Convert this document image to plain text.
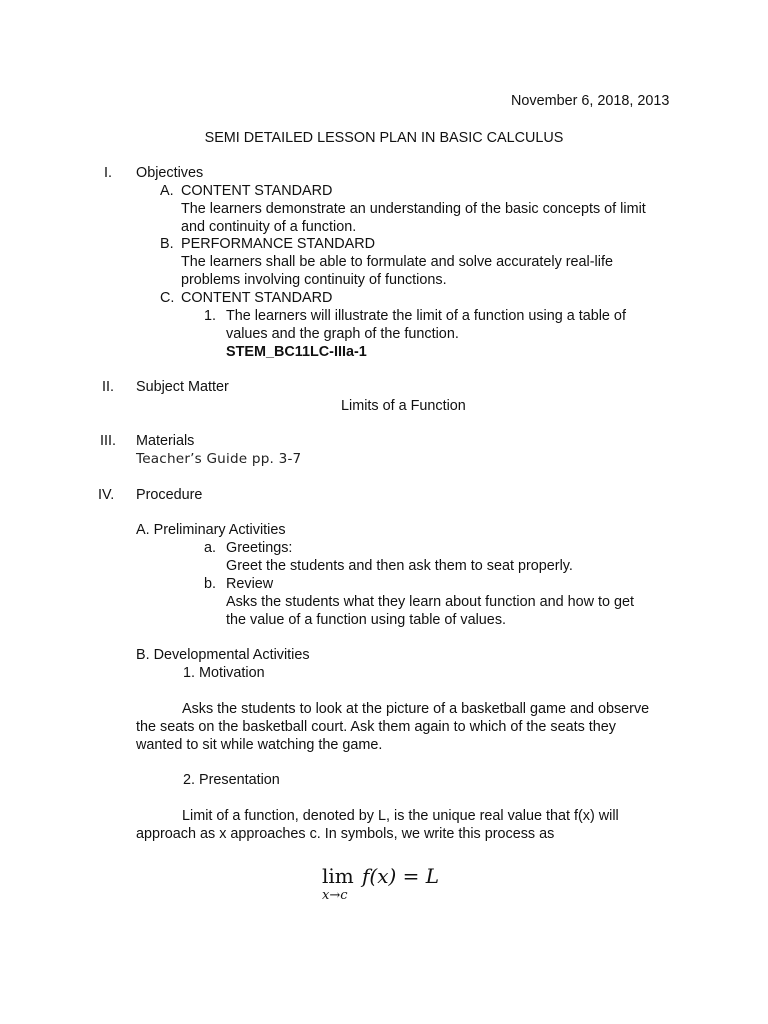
November 6, 2018, 2013
SEMI DETAILED LESSON PLAN IN BASIC CALCULUS
I. Objectives
A. CONTENT STANDARD
The learners demonstrate an understanding of the basic concepts of limit
and continuity of a function.
B. PERFORMANCE STANDARD
The learners shall be able to formulate and solve accurately real-life
problems involving continuity of functions.
C. CONTENT STANDARD
1. The learners will illustrate the limit of a function using a table of
values and the graph of the function.
STEM_BC11LC-IIIa-1
II. Subject Matter
Limits of a Function
III. Materials
Teacher’s Guide pp. 3-7
IV. Procedure
A. Preliminary Activities
a. Greetings:
Greet the students and then ask them to seat properly.
b. Review
Asks the students what they learn about function and how to get
the value of a function using table of values.
B. Developmental Activities
1. Motivation
Asks the students to look at the picture of a basketball game and observe
the seats on the basketball court. Ask them again to which of the seats they
wanted to sit while watching the game.
2. Presentation
Limit of a function, denoted by L, is the unique real value that f(x) will
approach as x approaches c. In symbols, we write this process as
lim
x→c
f(x) = L
